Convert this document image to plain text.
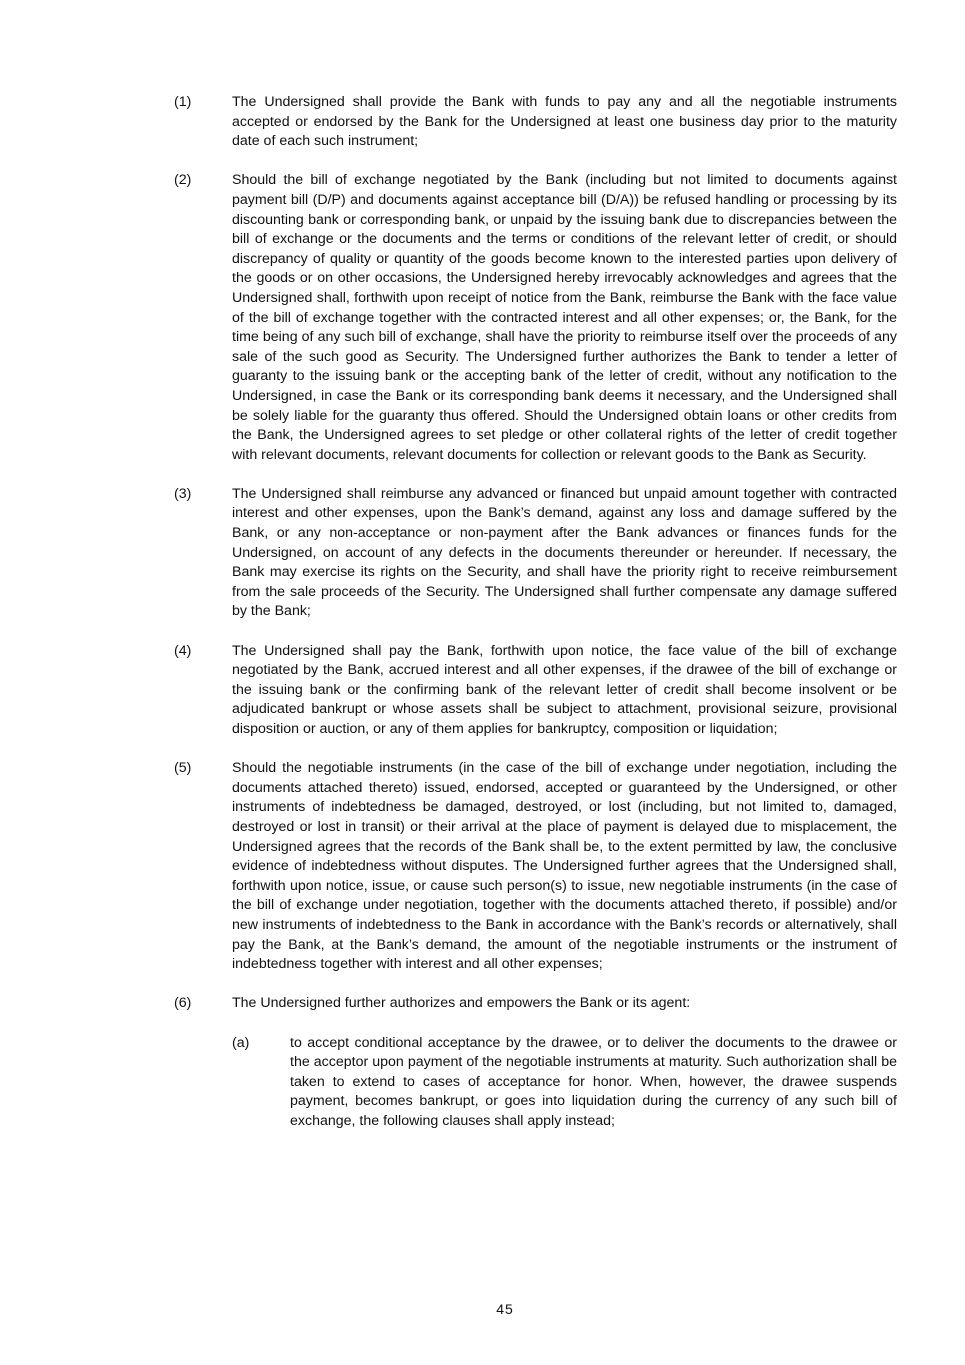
(1)	The Undersigned shall provide the Bank with funds to pay any and all the negotiable instruments accepted or endorsed by the Bank for the Undersigned at least one business day prior to the maturity date of each such instrument;

(2)	Should the bill of exchange negotiated by the Bank (including but not limited to documents against payment bill (D/P) and documents against acceptance bill (D/A)) be refused handling or processing by its discounting bank or corresponding bank, or unpaid by the issuing bank due to discrepancies between the bill of exchange or the documents and the terms or conditions of the relevant letter of credit, or should discrepancy of quality or quantity of the goods become known to the interested parties upon delivery of the goods or on other occasions, the Undersigned hereby irrevocably acknowledges and agrees that the Undersigned shall, forthwith upon receipt of notice from the Bank, reimburse the Bank with the face value of the bill of exchange together with the contracted interest and all other expenses; or, the Bank, for the time being of any such bill of exchange, shall have the priority to reimburse itself over the proceeds of any sale of the such good as Security. The Undersigned further authorizes the Bank to tender a letter of guaranty to the issuing bank or the accepting bank of the letter of credit, without any notification to the Undersigned, in case the Bank or its corresponding bank deems it necessary, and the Undersigned shall be solely liable for the guaranty thus offered. Should the Undersigned obtain loans or other credits from the Bank, the Undersigned agrees to set pledge or other collateral rights of the letter of credit together with relevant documents, relevant documents for collection or relevant goods to the Bank as Security.

(3)	The Undersigned shall reimburse any advanced or financed but unpaid amount together with contracted interest and other expenses, upon the Bank’s demand, against any loss and damage suffered by the Bank, or any non-acceptance or non-payment after the Bank advances or finances funds for the Undersigned, on account of any defects in the documents thereunder or hereunder. If necessary, the Bank may exercise its rights on the Security, and shall have the priority right to receive reimbursement from the sale proceeds of the Security. The Undersigned shall further compensate any damage suffered by the Bank;

(4)	The Undersigned shall pay the Bank, forthwith upon notice, the face value of the bill of exchange negotiated by the Bank, accrued interest and all other expenses, if the drawee of the bill of exchange or the issuing bank or the confirming bank of the relevant letter of credit shall become insolvent or be adjudicated bankrupt or whose assets shall be subject to attachment, provisional seizure, provisional disposition or auction, or any of them applies for bankruptcy, composition or liquidation;

(5)	Should the negotiable instruments (in the case of the bill of exchange under negotiation, including the documents attached thereto) issued, endorsed, accepted or guaranteed by the Undersigned, or other instruments of indebtedness be damaged, destroyed, or lost (including, but not limited to, damaged, destroyed or lost in transit) or their arrival at the place of payment is delayed due to misplacement, the Undersigned agrees that the records of the Bank shall be, to the extent permitted by law, the conclusive evidence of indebtedness without disputes. The Undersigned further agrees that the Undersigned shall, forthwith upon notice, issue, or cause such person(s) to issue, new negotiable instruments (in the case of the bill of exchange under negotiation, together with the documents attached thereto, if possible) and/or new instruments of indebtedness to the Bank in accordance with the Bank’s records or alternatively, shall pay the Bank, at the Bank’s demand, the amount of the negotiable instruments or the instrument of indebtedness together with interest and all other expenses;

(6)	The Undersigned further authorizes and empowers the Bank or its agent:

(a)	to accept conditional acceptance by the drawee, or to deliver the documents to the drawee or the acceptor upon payment of the negotiable instruments at maturity. Such authorization shall be taken to extend to cases of acceptance for honor. When, however, the drawee suspends payment, becomes bankrupt, or goes into liquidation during the currency of any such bill of exchange, the following clauses shall apply instead;

45
